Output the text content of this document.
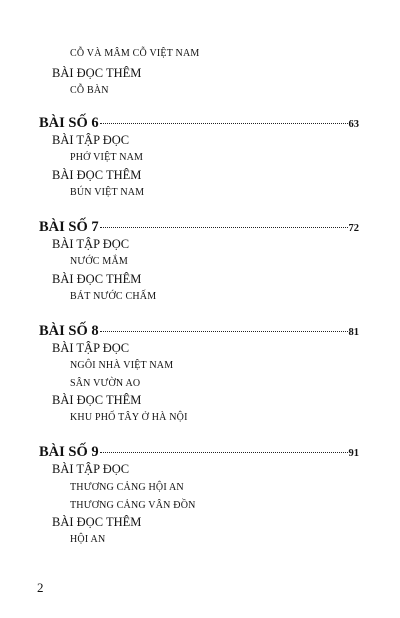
CỖ VÀ MÂM CỖ VIỆT NAM
BÀI ĐỌC THÊM
CỖ BÀN
BÀI SỐ 6	63
BÀI TẬP ĐỌC
PHỞ VIỆT NAM
BÀI ĐỌC THÊM
BÚN VIỆT NAM
BÀI SỐ 7	72
BÀI TẬP ĐỌC
NƯỚC MẮM
BÀI ĐỌC THÊM
BÁT NƯỚC CHẤM
BÀI SỐ 8	81
BÀI TẬP ĐỌC
NGÔI NHÀ VIỆT NAM
SÂN VƯỜN AO
BÀI ĐỌC THÊM
KHU PHỐ TÂY Ở HÀ NỘI
BÀI SỐ 9	91
BÀI TẬP ĐỌC
THƯƠNG CẢNG HỘI AN
THƯƠNG CẢNG VÂN ĐỒN
BÀI ĐỌC THÊM
HỘI AN
2
